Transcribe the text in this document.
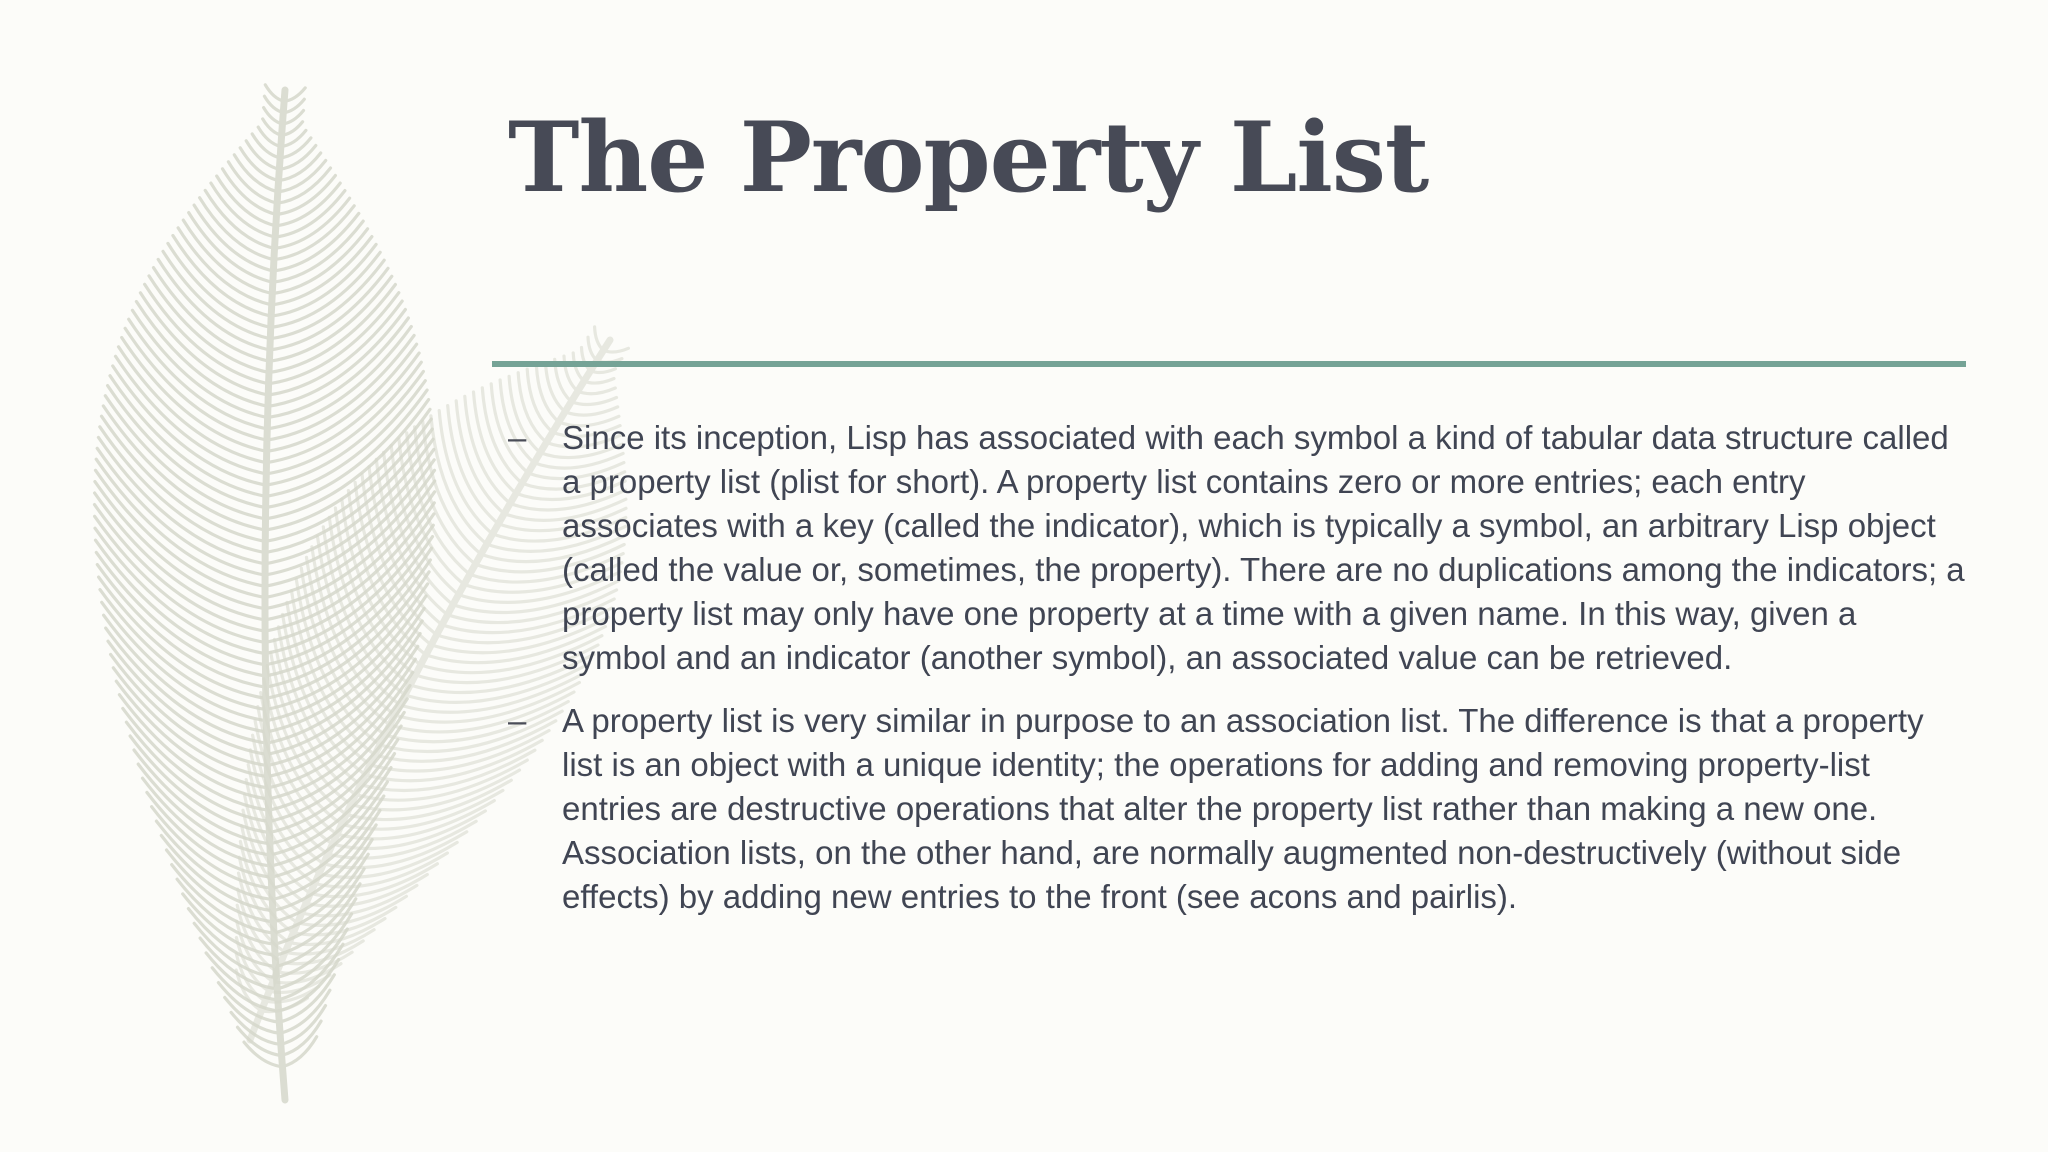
The Property List
–	Since its inception, Lisp has associated with each symbol a kind of tabular data structure called a property list (plist for short). A property list contains zero or more entries; each entry associates with a key (called the indicator), which is typically a symbol, an arbitrary Lisp object (called the value or, sometimes, the property). There are no duplications among the indicators; a property list may only have one property at a time with a given name. In this way, given a symbol and an indicator (another symbol), an associated value can be retrieved.
–	A property list is very similar in purpose to an association list. The difference is that a property list is an object with a unique identity; the operations for adding and removing property-list entries are destructive operations that alter the property list rather than making a new one. Association lists, on the other hand, are normally augmented non-destructively (without side effects) by adding new entries to the front (see acons and pairlis).
